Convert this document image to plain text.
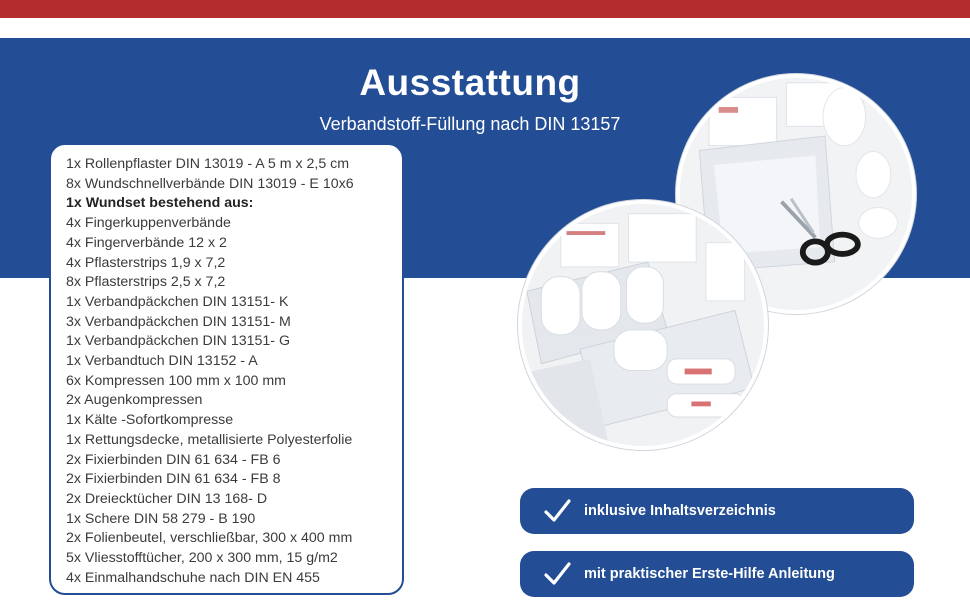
Ausstattung
Verbandstoff-Füllung nach DIN 13157
1x Rollenpflaster DIN 13019 - A 5 m x 2,5 cm
8x Wundschnellverbände DIN 13019 - E 10x6
1x Wundset bestehend aus:
4x Fingerkuppenverbände
4x Fingerverbände 12 x 2
4x Pflasterstrips 1,9 x 7,2
8x Pflasterstrips 2,5 x 7,2
1x Verbandpäckchen DIN 13151- K
3x Verbandpäckchen DIN 13151- M
1x Verbandpäckchen DIN 13151- G
1x Verbandtuch DIN 13152 - A
6x Kompressen 100 mm x 100 mm
2x Augenkompressen
1x Kälte -Sofortkompresse
1x Rettungsdecke, metallisierte Polyesterfolie
2x Fixierbinden DIN 61 634 - FB 6
2x Fixierbinden DIN 61 634 - FB 8
2x Dreiecktücher DIN 13 168- D
1x Schere DIN 58 279 - B 190
2x Folienbeutel, verschließbar, 300 x 400 mm
5x Vliesstofftücher, 200 x 300 mm, 15 g/m2
4x Einmalhandschuhe nach DIN EN 455
inklusive Inhaltsverzeichnis
mit praktischer Erste-Hilfe Anleitung
